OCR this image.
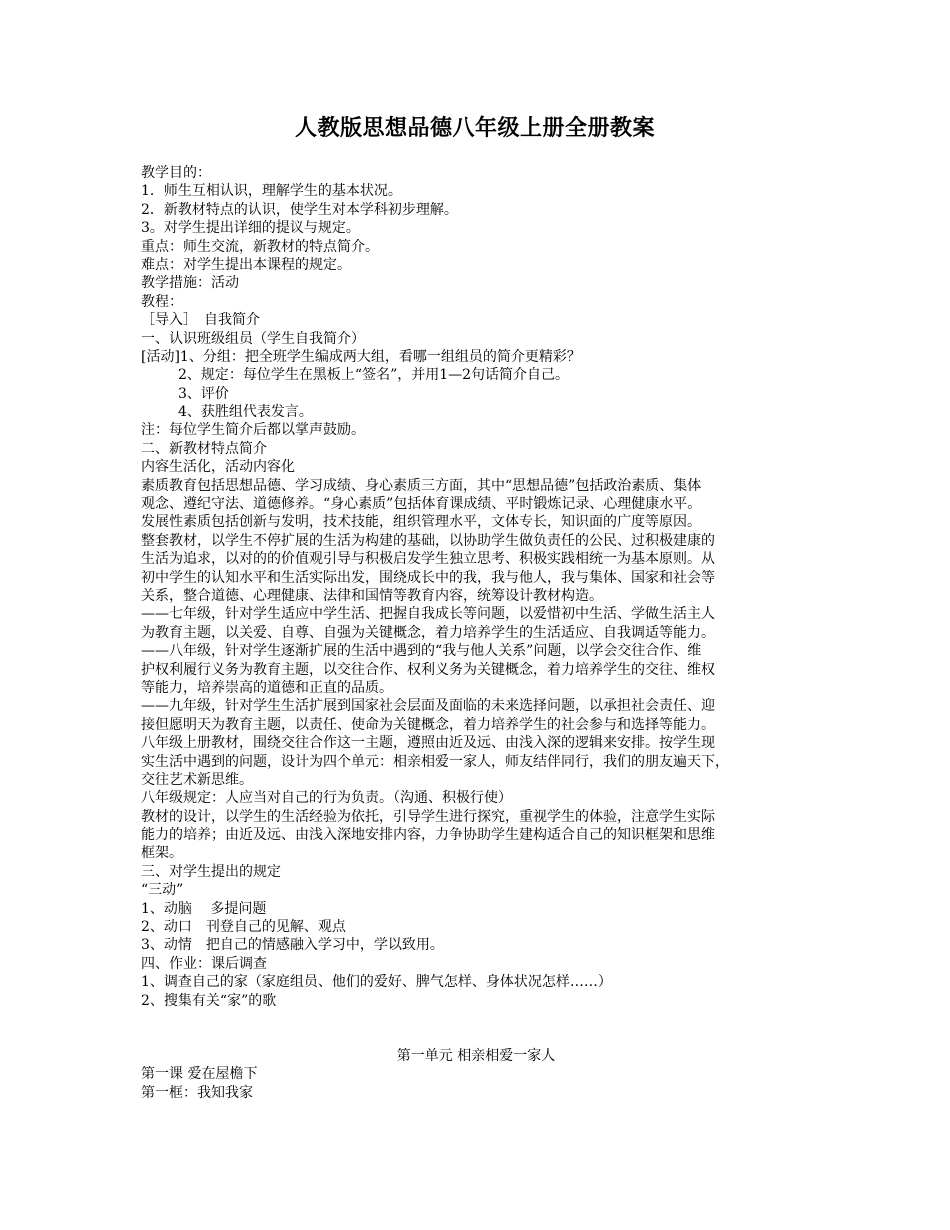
人教版思想品德八年级上册全册教案
教学目的：
1．师生互相认识，理解学生的基本状况。
2．新教材特点的认识，使学生对本学科初步理解。
3。对学生提出详细的提议与规定。
重点：师生交流，新教材的特点简介。
难点：对学生提出本课程的规定。
教学措施：活动
教程：
［导入］　自我简介
一、认识班级组员（学生自我简介）
[活动]1、分组：把全班学生编成两大组，看哪一组组员的简介更精彩？
2、规定：每位学生在黑板上“签名”，并用1—2句话简介自己。
3、评价
4、获胜组代表发言。
注：每位学生简介后都以掌声鼓励。
二、新教材特点简介
内容生活化，活动内容化
素质教育包括思想品德、学习成绩、身心素质三方面，其中“思想品德”包括政治素质、集体
观念、遵纪守法、道德修养。“身心素质”包括体育课成绩、平时锻炼记录、心理健康水平。
发展性素质包括创新与发明，技术技能，组织管理水平，文体专长，知识面的广度等原因。
整套教材，以学生不停扩展的生活为构建的基础，以协助学生做负责任的公民、过积极建康的
生活为追求，以对的的价值观引导与积极启发学生独立思考、积极实践相统一为基本原则。从
初中学生的认知水平和生活实际出发，围绕成长中的我，我与他人，我与集体、国家和社会等
关系，整合道德、心理健康、法律和国情等教育内容，统筹设计教材构造。
——七年级，针对学生适应中学生活、把握自我成长等问题，以爱惜初中生活、学做生活主人
为教育主题，以关爱、自尊、自强为关键概念，着力培养学生的生活适应、自我调适等能力。
——八年级，针对学生逐渐扩展的生活中遇到的“我与他人关系”问题，以学会交往合作、维
护权利履行义务为教育主题，以交往合作、权利义务为关键概念，着力培养学生的交往、维权
等能力，培养崇高的道德和正直的品质。
——九年级，针对学生生活扩展到国家社会层面及面临的未来选择问题，以承担社会责任、迎
接但愿明天为教育主题，以责任、使命为关键概念，着力培养学生的社会参与和选择等能力。
八年级上册教材，围绕交往合作这一主题，遵照由近及远、由浅入深的逻辑来安排。按学生现
实生活中遇到的问题，设计为四个单元：相亲相爱一家人，师友结伴同行，我们的朋友遍天下，
交往艺术新思维。
八年级规定：人应当对自己的行为负责。（沟通、积极行使）
教材的设计，以学生的生活经验为依托，引导学生进行探究，重视学生的体验，注意学生实际
能力的培养；由近及远、由浅入深地安排内容，力争协助学生建构适合自己的知识框架和思维
框架。
三、对学生提出的规定
“三动”
1、动脑　 多提问题
2、动口　刊登自己的见解、观点
3、动情　把自己的情感融入学习中，学以致用。
四、作业：课后调查
1、调查自己的家（家庭组员、他们的爱好、脾气怎样、身体状况怎样……）
2、搜集有关“家”的歌
第一单元 相亲相爱一家人
第一课 爱在屋檐下
第一框：我知我家
